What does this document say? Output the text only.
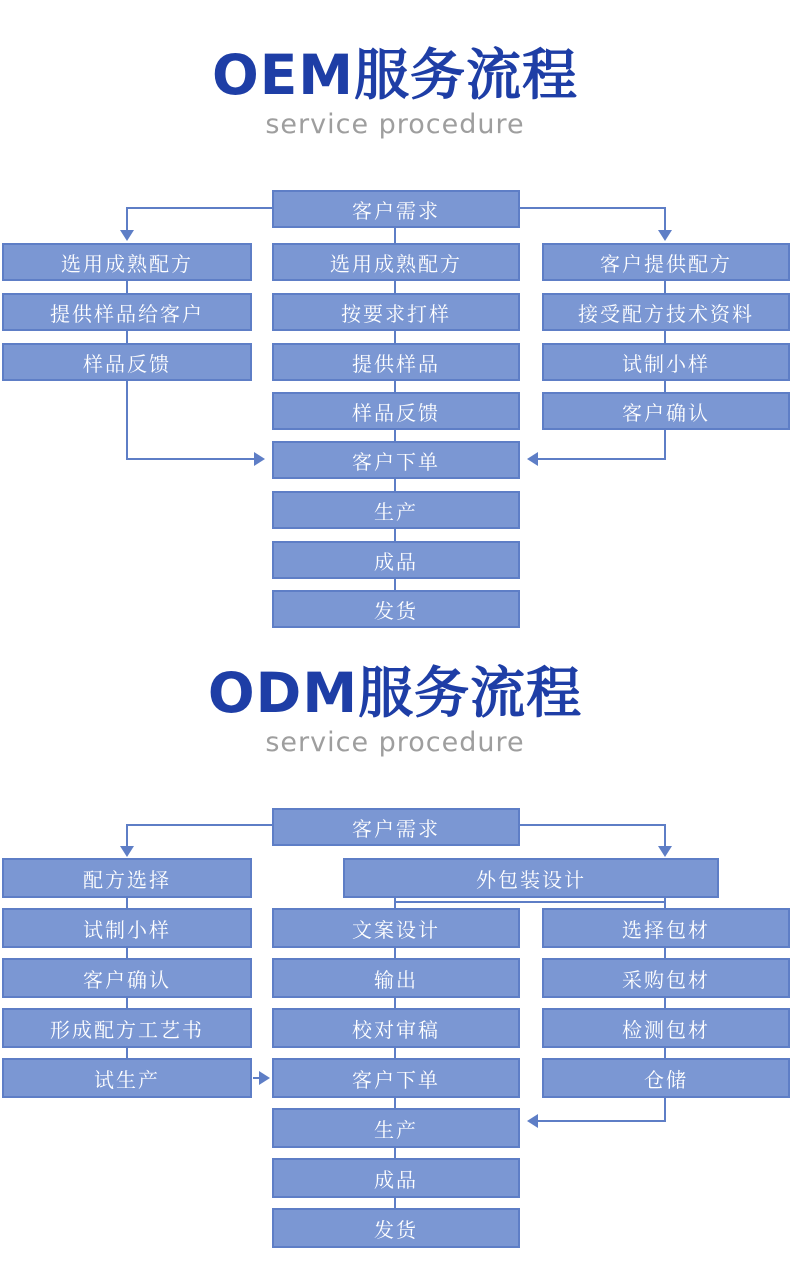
OEM服务流程
service procedure
客户需求
选用成熟配方
提供样品给客户
样品反馈
选用成熟配方
按要求打样
提供样品
样品反馈
客户下单
生产
成品
发货
客户提供配方
接受配方技术资料
试制小样
客户确认
ODM服务流程
service procedure
客户需求
外包装设计
配方选择
试制小样
客户确认
形成配方工艺书
试生产
文案设计
输出
校对审稿
客户下单
生产
成品
发货
选择包材
采购包材
检测包材
仓储
